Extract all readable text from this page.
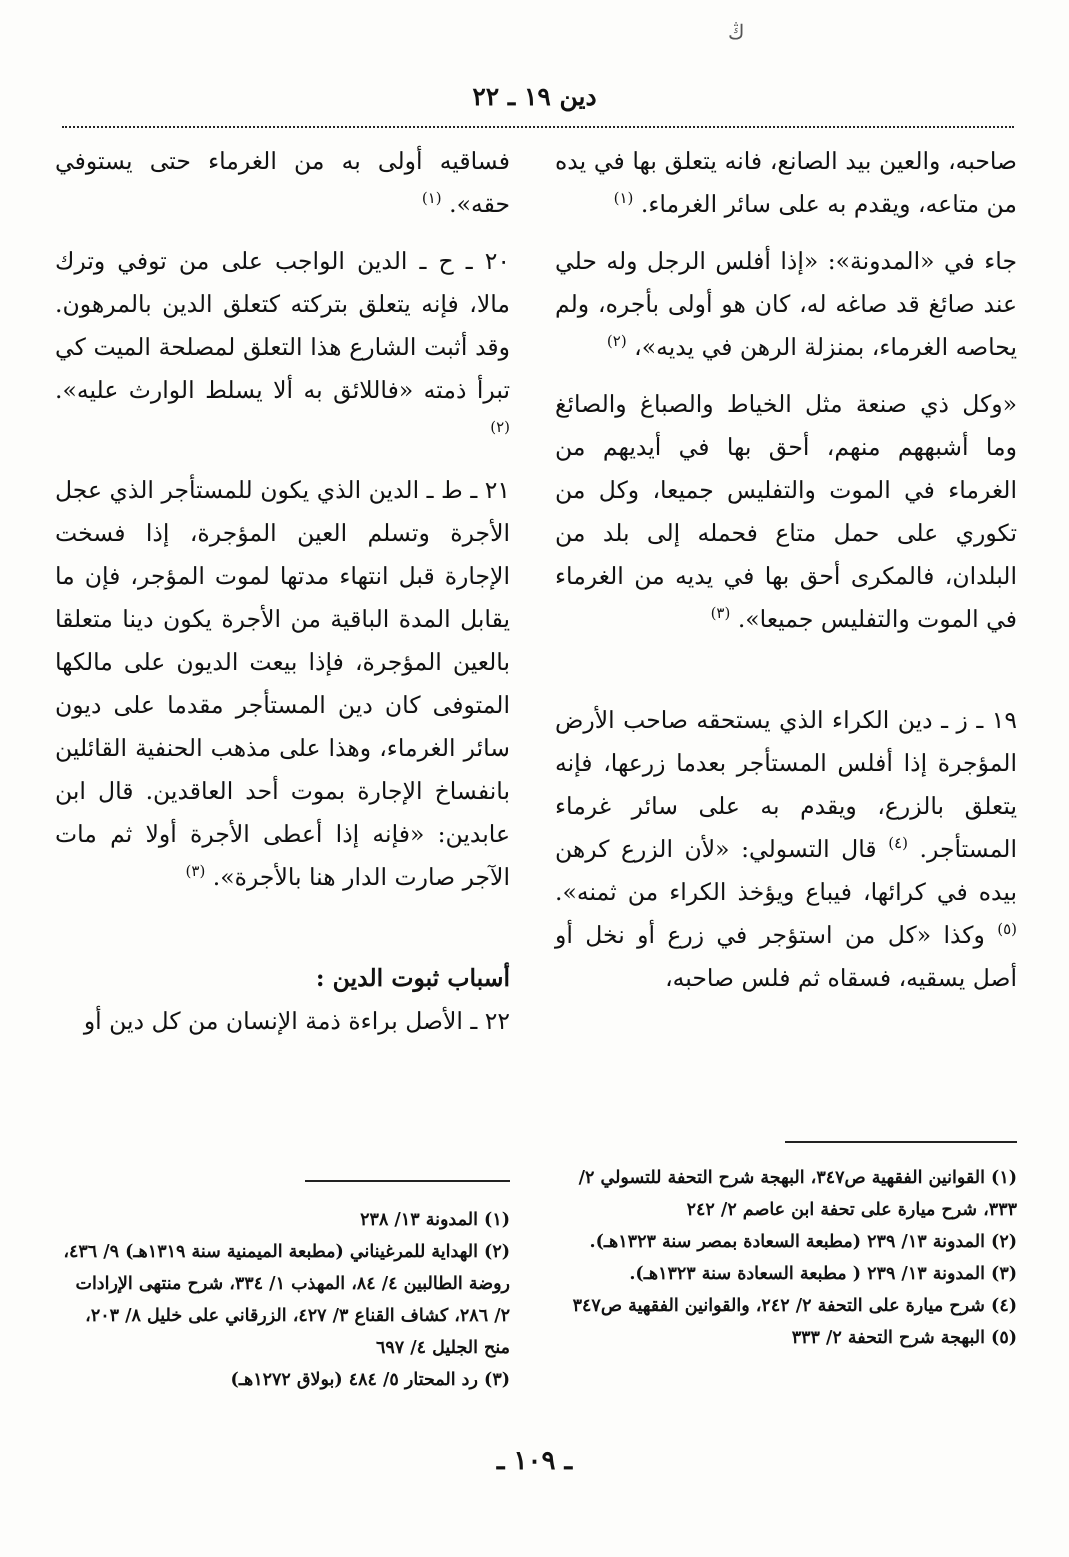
ﯓ
دين ١٩ ـ ٢٢

صاحبه، والعين بيد الصانع، فانه يتعلق بها في يده من متاعه، ويقدم به على سائر الغرماء. $^{(١)}$

جاء في «المدونة»: «إذا أفلس الرجل وله حلي عند صائغ قد صاغه له، كان هو أولى بأجره، ولم يحاصه الغرماء، بمنزلة الرهن في يديه»، $^{(٢)}$

«وكل ذي صنعة مثل الخياط والصباغ والصائغ وما أشبههم منهم، أحق بها في أيديهم من الغرماء في الموت والتفليس جميعا، وكل من تكوري على حمل متاع فحمله إلى بلد من البلدان، فالمكرى أحق بها في يديه من الغرماء في الموت والتفليس جميعا». $^{(٣)}$

١٩ ـ ز ـ دين الكراء الذي يستحقه صاحب الأرض المؤجرة إذا أفلس المستأجر بعدما زرعها، فإنه يتعلق بالزرع، ويقدم به على سائر غرماء المستأجر. $^{(٤)}$ قال التسولي: «لأن الزرع كرهن بيده في كرائها، فيباع ويؤخذ الكراء من ثمنه». $^{(٥)}$ وكذا «كل من استؤجر في زرع أو نخل أو أصل يسقيه، فسقاه ثم فلس صاحبه،

فساقيه أولى به من الغرماء حتى يستوفي حقه». $^{(١)}$

٢٠ ـ ح ـ الدين الواجب على من توفي وترك مالا، فإنه يتعلق بتركته كتعلق الدين بالمرهون. وقد أثبت الشارع هذا التعلق لمصلحة الميت كي تبرأ ذمته «فاللائق به ألا يسلط الوارث عليه». $^{(٢)}$

٢١ ـ ط ـ الدين الذي يكون للمستأجر الذي عجل الأجرة وتسلم العين المؤجرة، إذا فسخت الإجارة قبل انتهاء مدتها لموت المؤجر، فإن ما يقابل المدة الباقية من الأجرة يكون دينا متعلقا بالعين المؤجرة، فإذا بيعت الديون على مالكها المتوفى كان دين المستأجر مقدما على ديون سائر الغرماء، وهذا على مذهب الحنفية القائلين بانفساخ الإجارة بموت أحد العاقدين. قال ابن عابدين: «فإنه إذا أعطى الأجرة أولا ثم مات الآجر صارت الدار هنا بالأجرة». $^{(٣)}$

أسباب ثبوت الدين :

٢٢ ـ الأصل براءة ذمة الإنسان من كل دين أو

(١) القوانين الفقهية ص٣٤٧، البهجة شرح التحفة للتسولي ٢/ ٣٣٣، شرح ميارة على تحفة ابن عاصم ٢/ ٢٤٢

(٢) المدونة ١٣/ ٢٣٩ (مطبعة السعادة بمصر سنة ١٣٢٣هـ).

(٣) المدونة ١٣/ ٢٣٩ ( مطبعة السعادة سنة ١٣٢٣هـ).

(٤) شرح ميارة على التحفة ٢/ ٢٤٢، والقوانين الفقهية ص٣٤٧

(٥) البهجة شرح التحفة ٢/ ٣٣٣

(١) المدونة ١٣/ ٢٣٨

(٢) الهداية للمرغيناني (مطبعة الميمنية سنة ١٣١٩هـ) ٩/ ٤٣٦، روضة الطالبين ٤/ ٨٤، المهذب ١/ ٣٣٤، شرح منتهى الإرادات ٢/ ٢٨٦، كشاف القناع ٣/ ٤٢٧، الزرقاني على خليل ٨/ ٢٠٣، منح الجليل ٤/ ٦٩٧

(٣) رد المحتار ٥/ ٤٨٤ (بولاق ١٢٧٢هـ)

ـ ١٠٩ ـ
